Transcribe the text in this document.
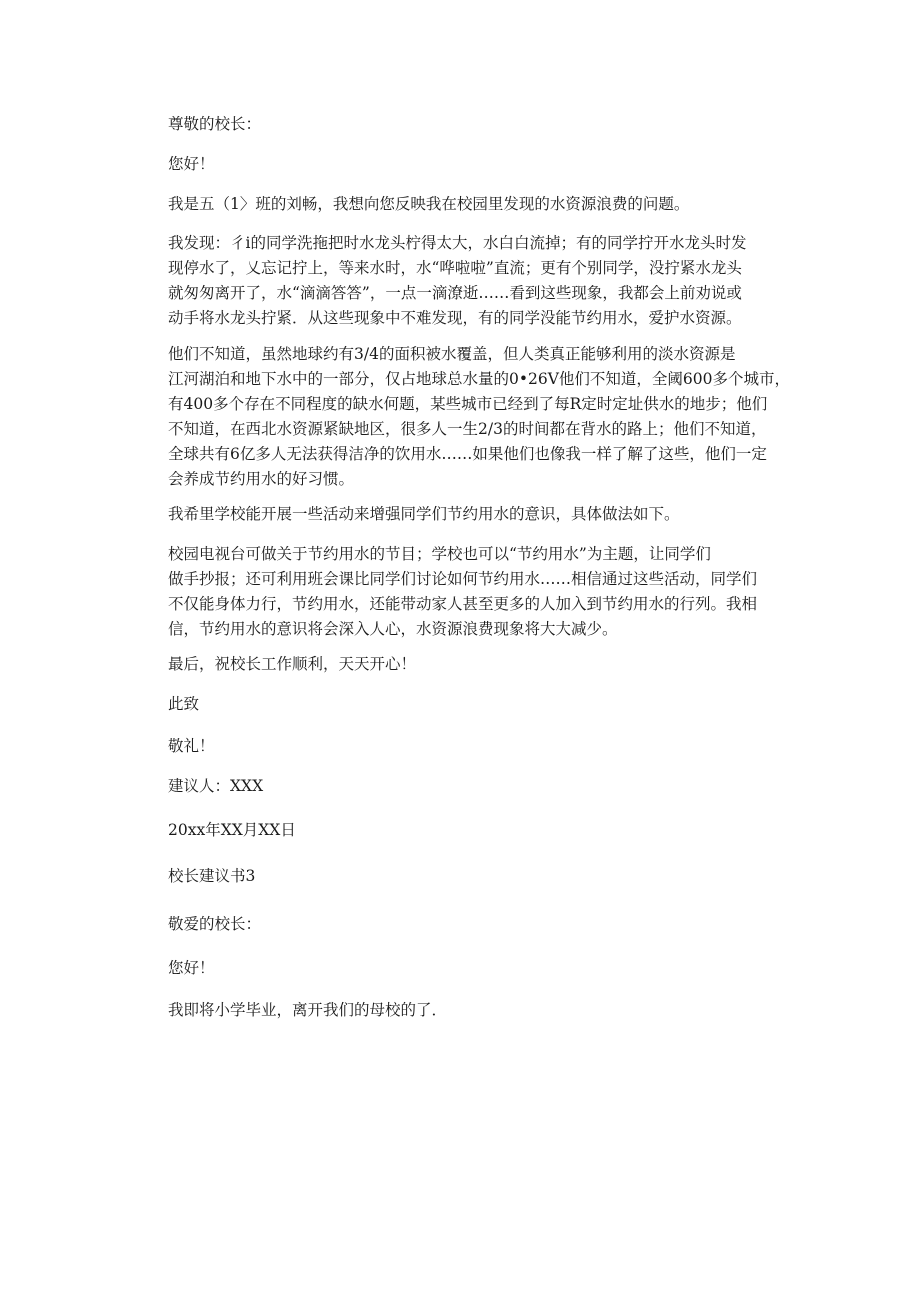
尊敬的校长：
您好！
我是五（1〉班的刘畅，我想向您反映我在校园里发现的水资源浪费的问题。
我发现：彳i的同学洗拖把时水龙头柠得太大，水白白流掉；有的同学拧开水龙头时发
现停水了，乂忘记拧上，等来水时，水“哗啦啦”直流；更有个别同学，没拧紧水龙头
就匆匆离开了，水“滴滴答答”，一点一滴潦逝……看到这些现象，我都会上前劝说或
动手将水龙头拧紧．从这些现象中不难发现，有的同学没能节约用水，爱护水资源。
他们不知道，虽然地球约有3/4的面积被水覆盖，但人类真正能够利用的淡水资源是
江河湖泊和地下水中的一部分，仅占地球总水量的0•26V他们不知道，全阈600多个城市，
有400多个存在不同程度的缺水何题，某些城市已经到了每R定时定址供水的地步；他们
不知道，在西北水资源紧缺地区，很多人一生2/3的时间都在背水的路上；他们不知道，
全球共有6亿多人无法获得洁净的饮用水……如果他们也像我一样了解了这些，他们一定
会养成节约用水的好习惯。
我希里学校能开展一些活动来增强同学们节约用水的意识，具体做法如下。
校园电视台可做关于节约用水的节目；学校也可以“节约用水”为主题，让同学们
做手抄报；还可利用班会课比同学们讨论如何节约用水……相信通过这些活动，同学们
不仅能身体力行，节约用水，还能带动家人甚至更多的人加入到节约用水的行列。我相
信，节约用水的意识将会深入人心，水资源浪费现象将大大减少。
最后，祝校长工作顺利，天天开心！
此致
敬礼！
建议人：XXX
20xx年XX月XX日
校长建议书3
敬爱的校长：
您好！
我即将小学毕业，离开我们的母校的了．
